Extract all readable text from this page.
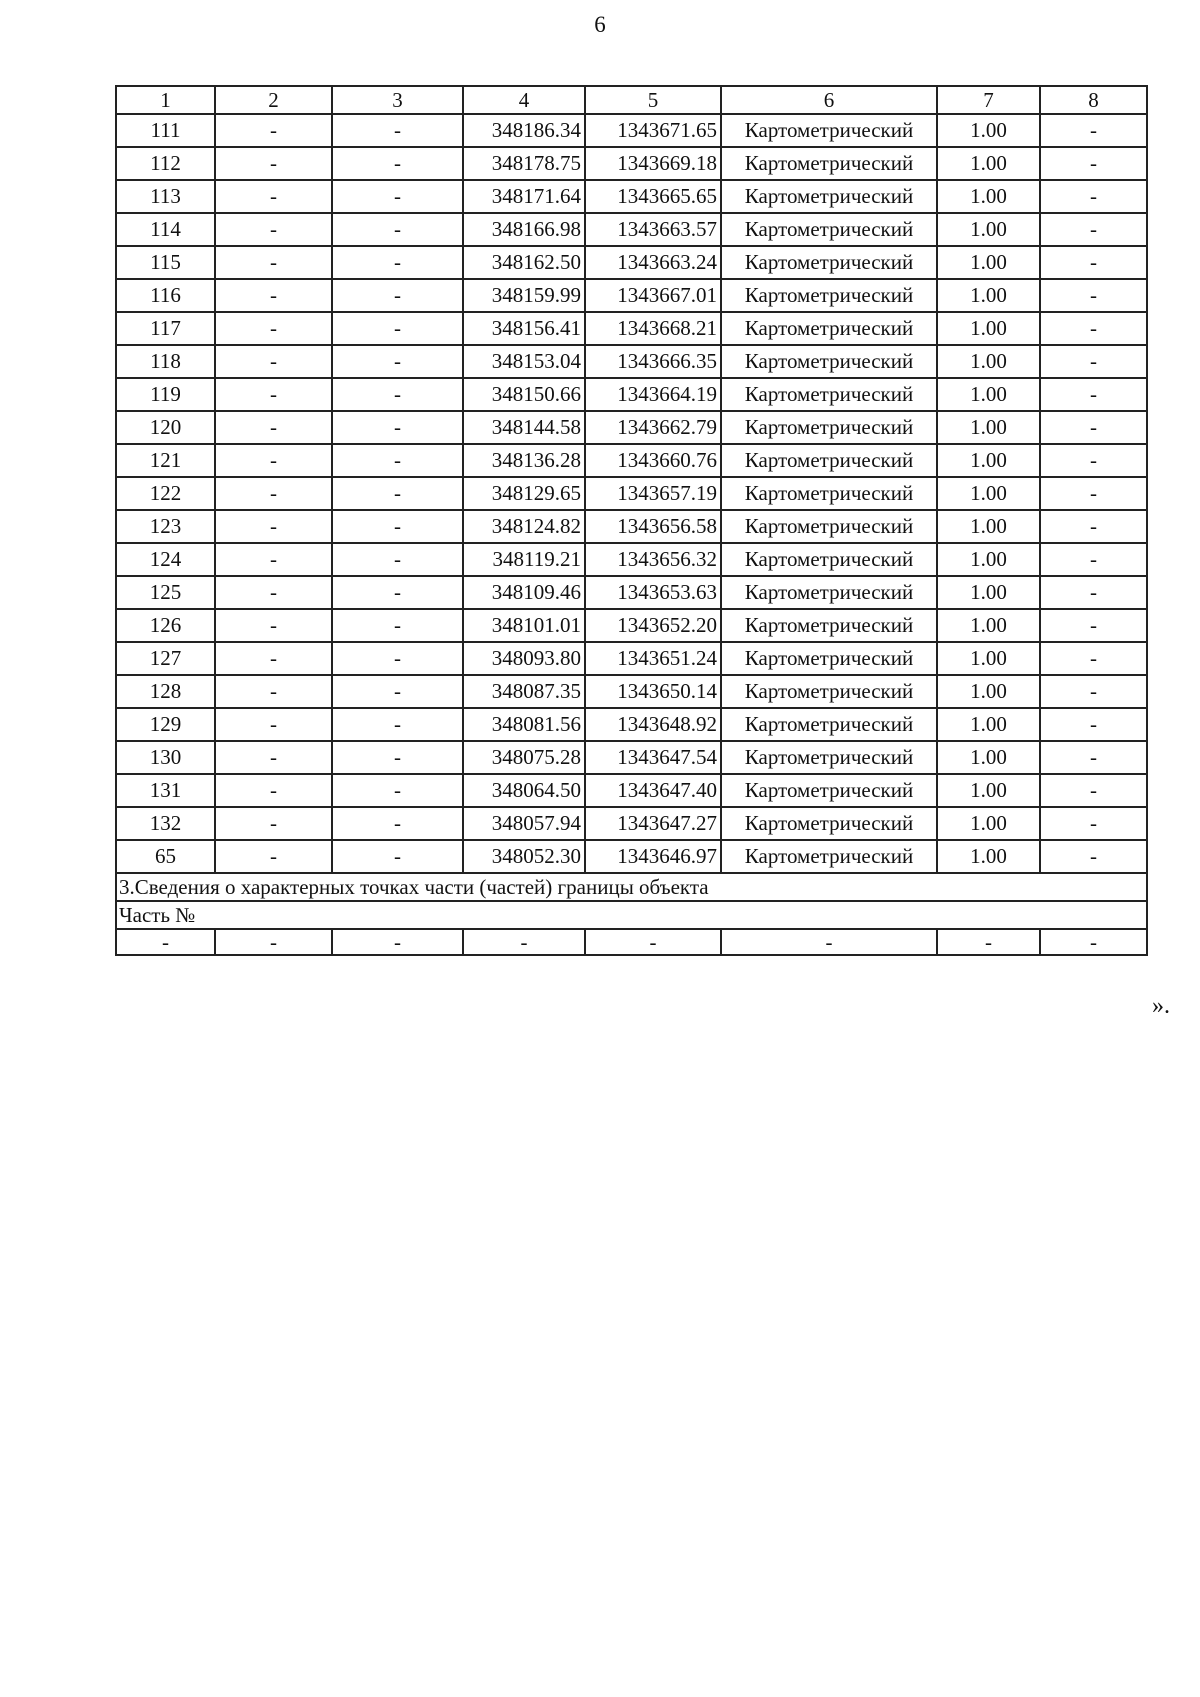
6
1	2	3	4	5	6	7	8
111	-	-	348186.34	1343671.65	Картометрический	1.00	-
112	-	-	348178.75	1343669.18	Картометрический	1.00	-
113	-	-	348171.64	1343665.65	Картометрический	1.00	-
114	-	-	348166.98	1343663.57	Картометрический	1.00	-
115	-	-	348162.50	1343663.24	Картометрический	1.00	-
116	-	-	348159.99	1343667.01	Картометрический	1.00	-
117	-	-	348156.41	1343668.21	Картометрический	1.00	-
118	-	-	348153.04	1343666.35	Картометрический	1.00	-
119	-	-	348150.66	1343664.19	Картометрический	1.00	-
120	-	-	348144.58	1343662.79	Картометрический	1.00	-
121	-	-	348136.28	1343660.76	Картометрический	1.00	-
122	-	-	348129.65	1343657.19	Картометрический	1.00	-
123	-	-	348124.82	1343656.58	Картометрический	1.00	-
124	-	-	348119.21	1343656.32	Картометрический	1.00	-
125	-	-	348109.46	1343653.63	Картометрический	1.00	-
126	-	-	348101.01	1343652.20	Картометрический	1.00	-
127	-	-	348093.80	1343651.24	Картометрический	1.00	-
128	-	-	348087.35	1343650.14	Картометрический	1.00	-
129	-	-	348081.56	1343648.92	Картометрический	1.00	-
130	-	-	348075.28	1343647.54	Картометрический	1.00	-
131	-	-	348064.50	1343647.40	Картометрический	1.00	-
132	-	-	348057.94	1343647.27	Картометрический	1.00	-
65	-	-	348052.30	1343646.97	Картометрический	1.00	-
3.Сведения о характерных точках части (частей) границы объекта							
Часть №							
-	-	-	-	-	-	-	-
».
